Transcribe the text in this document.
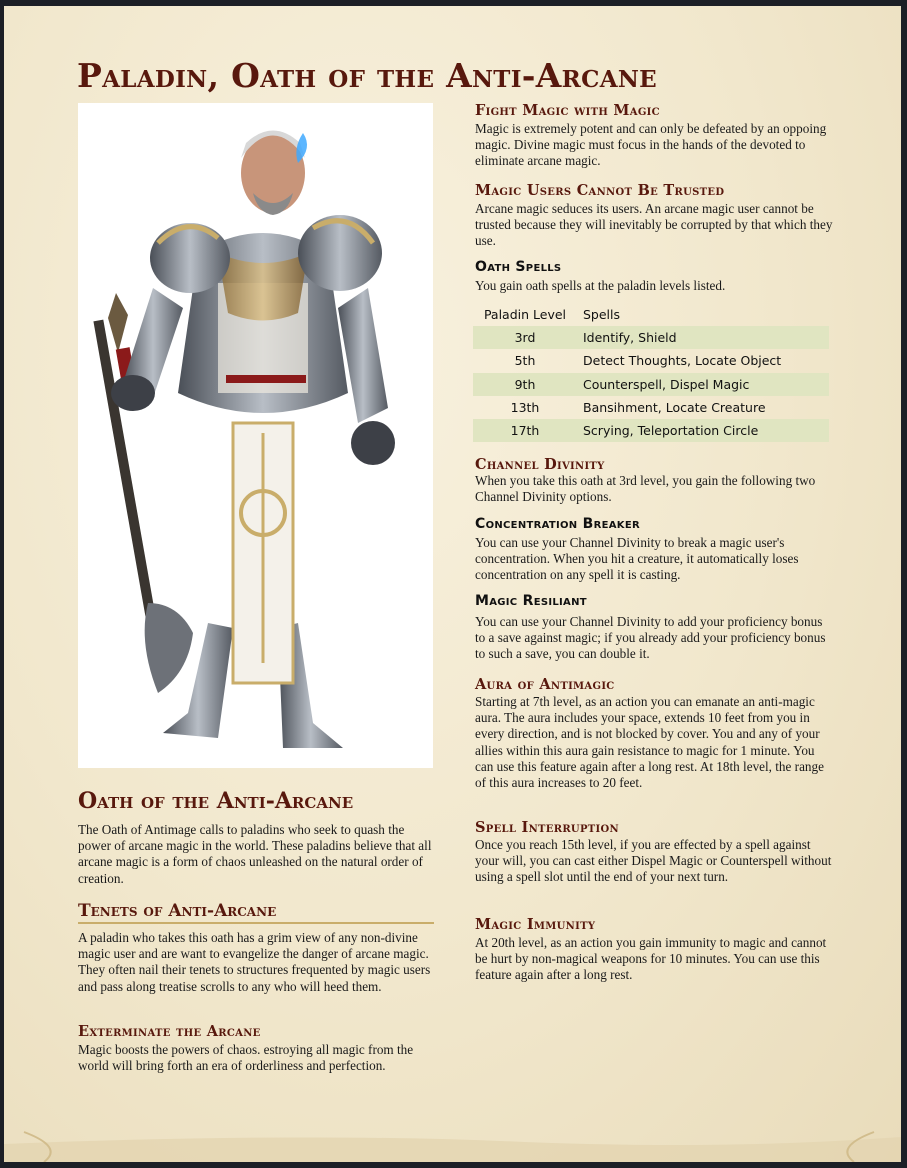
Paladin, Oath of the Anti-Arcane
Oath of the Anti-Arcane

The Oath of Antimage calls to paladins who seek to quash the power of arcane magic in the world. These paladins believe that all arcane magic is a form of chaos unleashed on the natural order of creation.

Tenets of Anti-Arcane

A paladin who takes this oath has a grim view of any non-divine magic user and are want to evangelize the danger of arcane magic. They often nail their tenets to structures frequented by magic users and pass along treatise scrolls to any who will heed them.

Exterminate the Arcane

Magic boosts the powers of chaos. estroying all magic from the world will bring forth an era of orderliness and perfection.

Fight Magic with Magic

Magic is extremely potent and can only be defeated by an oppoing magic. Divine magic must focus in the hands of the devoted to eliminate arcane magic.

Magic Users Cannot Be Trusted

Arcane magic seduces its users. An arcane magic user cannot be trusted because they will inevitably be corrupted by that which they use.

Oath Spells

You gain oath spells at the paladin levels listed.

Paladin Level	Spells
3rd	Identify, Shield
5th	Detect Thoughts, Locate Object
9th	Counterspell, Dispel Magic
13th	Bansihment, Locate Creature
17th	Scrying, Teleportation Circle
Channel Divinity

When you take this oath at 3rd level, you gain the following two Channel Divinity options.

Concentration Breaker

You can use your Channel Divinity to break a magic user's concentration. When you hit a creature, it automatically loses concentration on any spell it is casting.

Magic Resiliant

You can use your Channel Divinity to add your proficiency bonus to a save against magic; if you already add your proficiency bonus to such a save, you can double it.

Aura of Antimagic

Starting at 7th level, as an action you can emanate an anti-magic aura. The aura includes your space, extends 10 feet from you in every direction, and is not blocked by cover. You and any of your allies within this aura gain resistance to magic for 1 minute. You can use this feature again after a long rest. At 18th level, the range of this aura increases to 20 feet.

Spell Interruption

Once you reach 15th level, if you are effected by a spell against your will, you can cast either Dispel Magic or Counterspell without using a spell slot until the end of your next turn.

Magic Immunity

At 20th level, as an action you gain immunity to magic and cannot be hurt by non-magical weapons for 10 minutes. You can use this feature again after a long rest.
